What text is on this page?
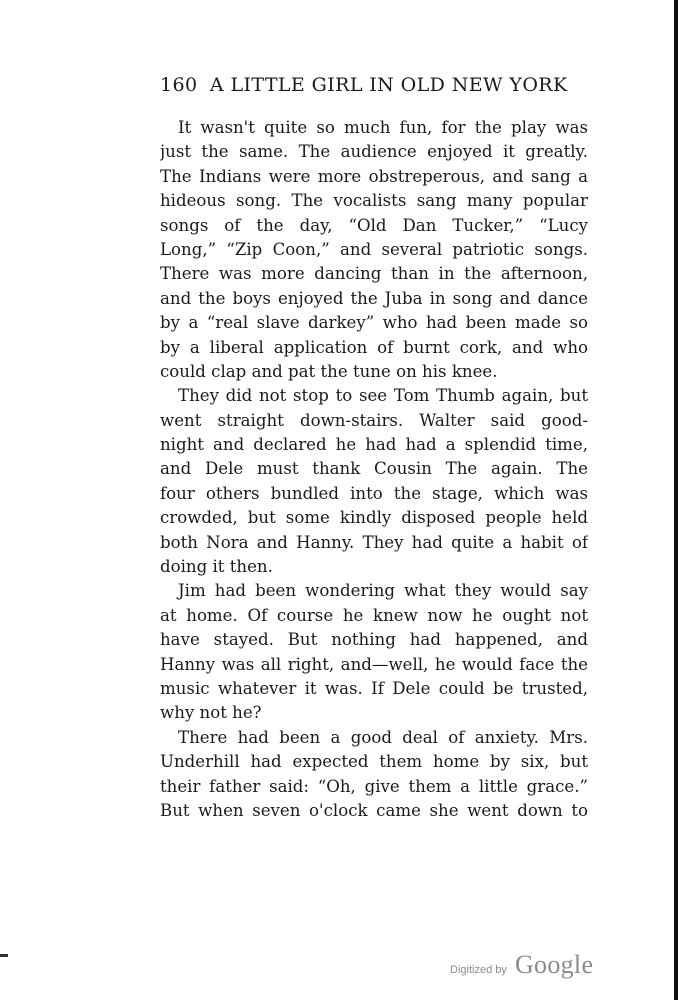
160 A LITTLE GIRL IN OLD NEW YORK
It wasn't quite so much fun, for the play was
just the same. The audience enjoyed it greatly.
The Indians were more obstreperous, and sang a
hideous song. The vocalists sang many popular
songs of the day, “Old Dan Tucker,” “Lucy
Long,” “Zip Coon,” and several patriotic songs.
There was more dancing than in the afternoon,
and the boys enjoyed the Juba in song and dance
by a “real slave darkey” who had been made so
by a liberal application of burnt cork, and who
could clap and pat the tune on his knee.
They did not stop to see Tom Thumb again, but
went straight down-stairs. Walter said good-
night and declared he had had a splendid time,
and Dele must thank Cousin The again. The
four others bundled into the stage, which was
crowded, but some kindly disposed people held
both Nora and Hanny. They had quite a habit of
doing it then.
Jim had been wondering what they would say
at home. Of course he knew now he ought not
have stayed. But nothing had happened, and
Hanny was all right, and—well, he would face the
music whatever it was. If Dele could be trusted,
why not he?
There had been a good deal of anxiety. Mrs.
Underhill had expected them home by six, but
their father said: “Oh, give them a little grace.”
But when seven o'clock came she went down to
Digitized by Google
